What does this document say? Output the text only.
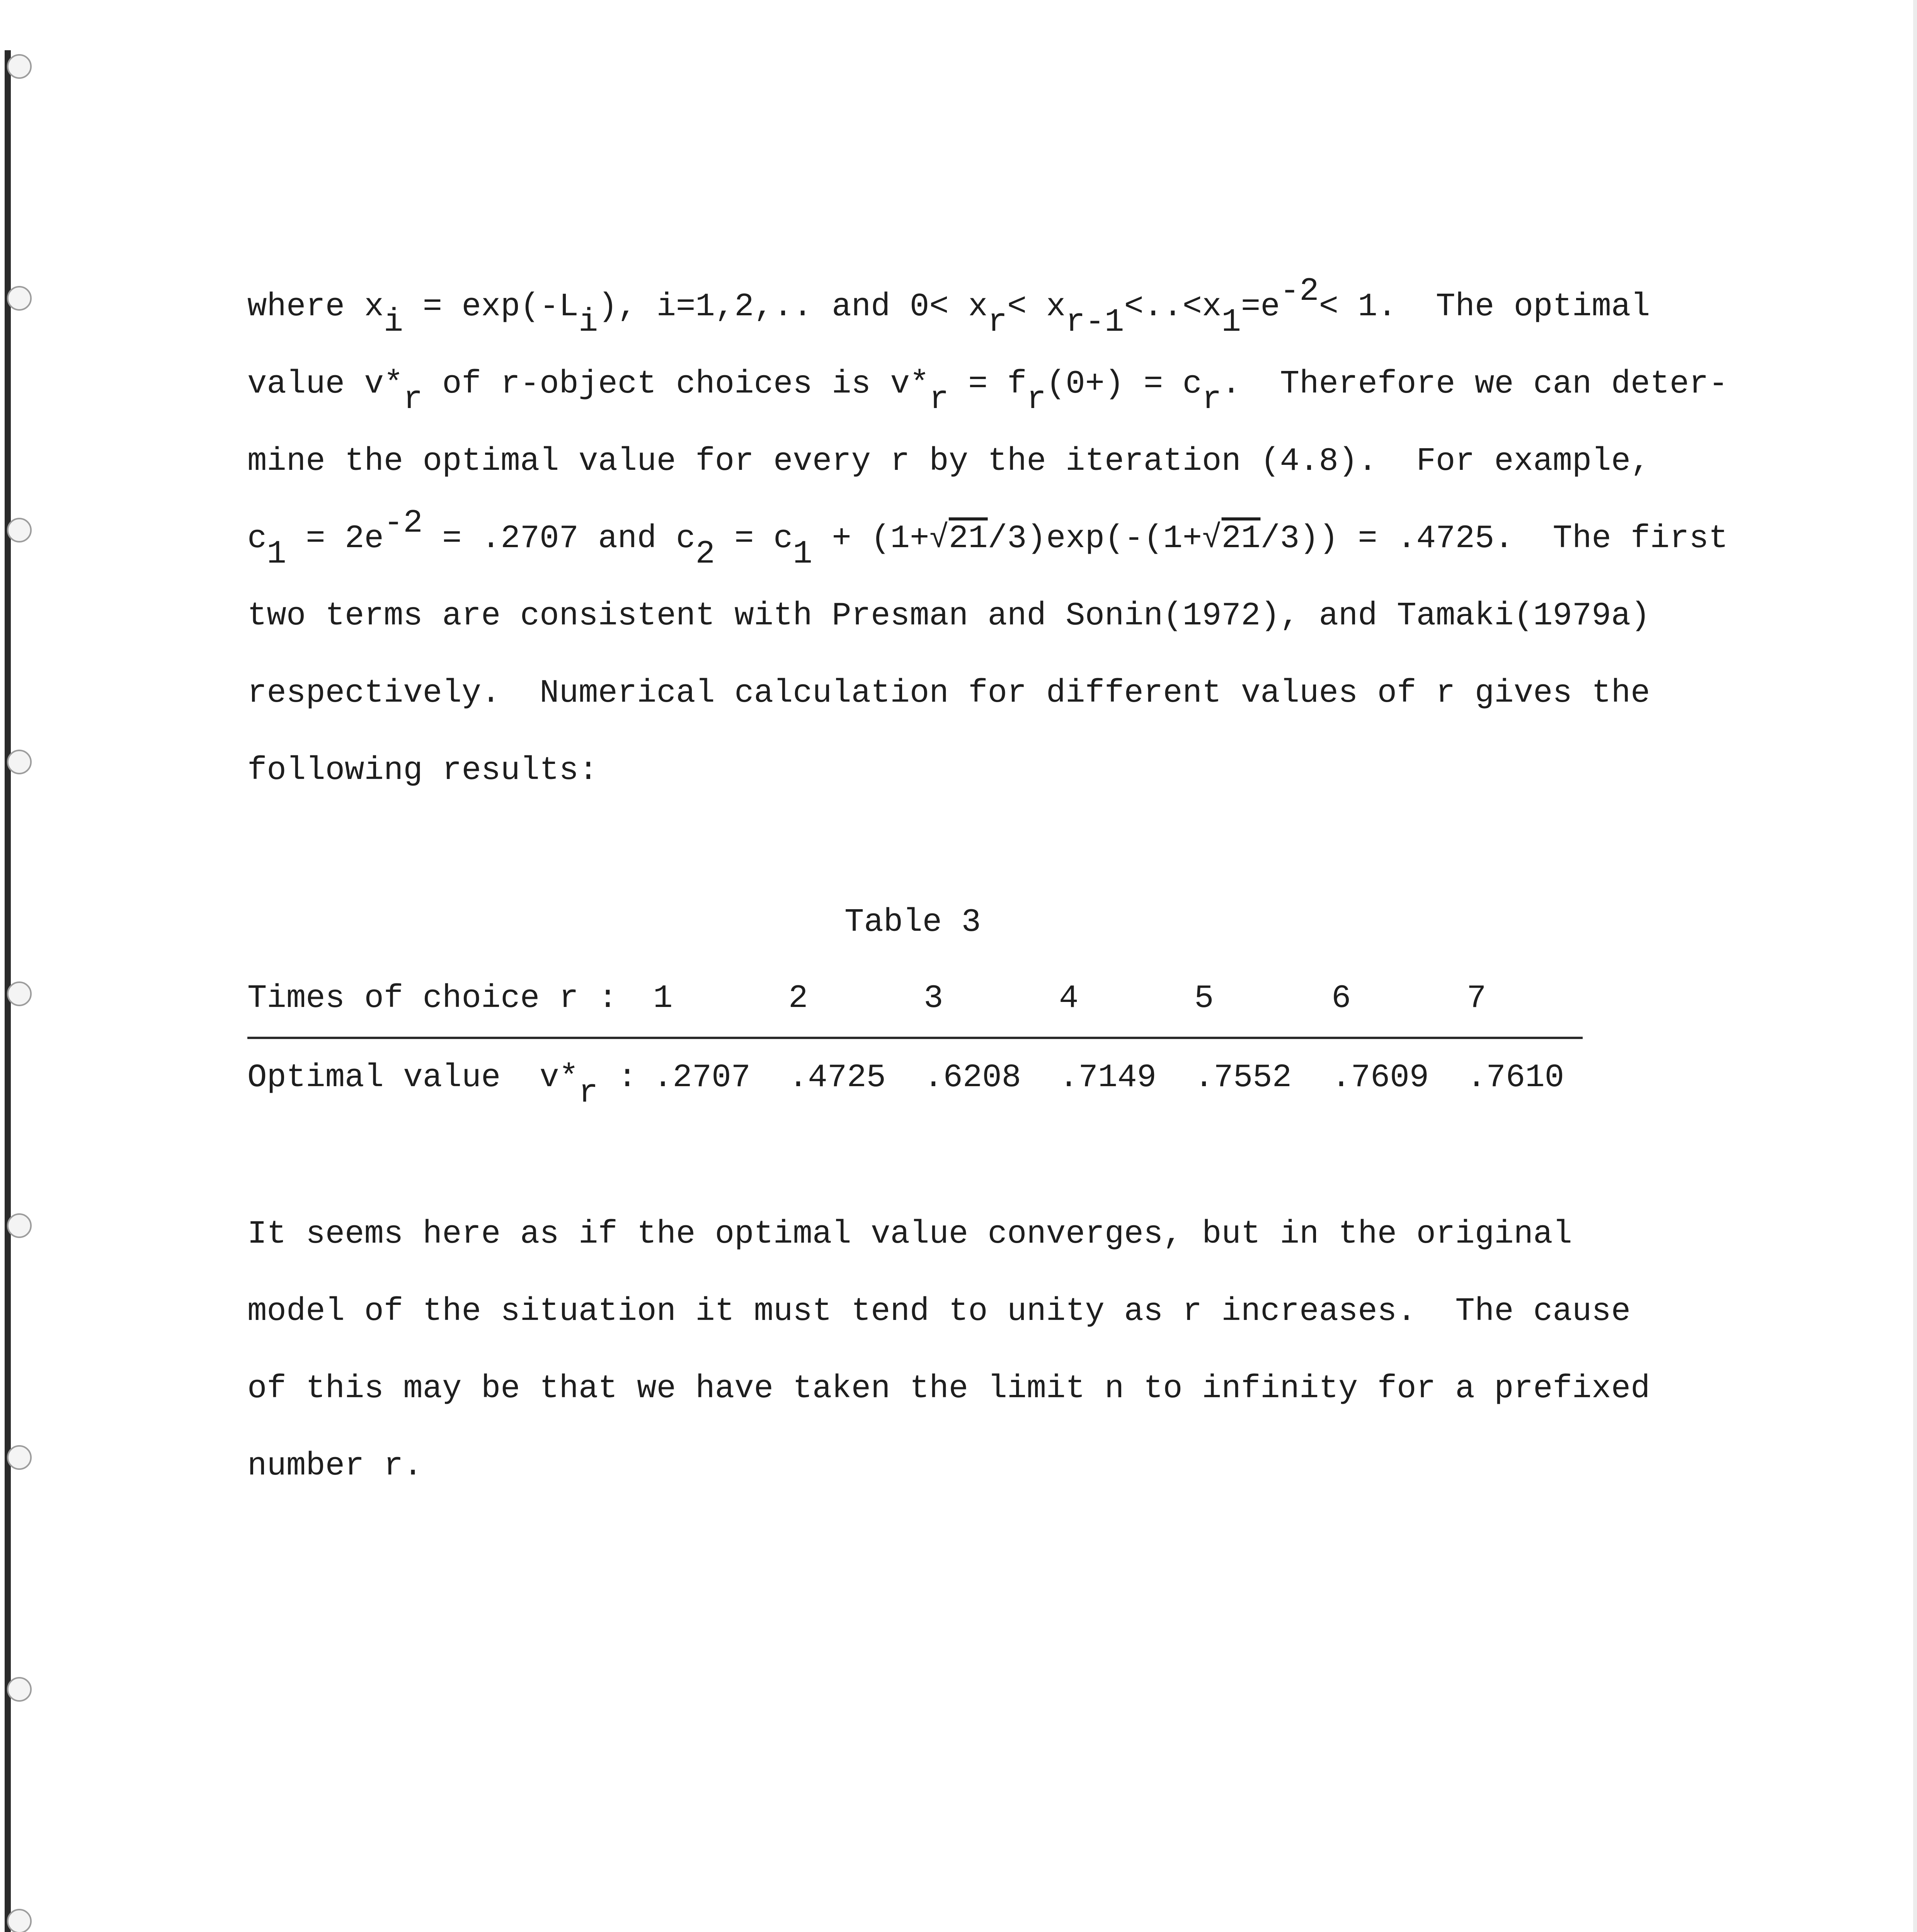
where xi = exp(-Li), i=1,2,.. and 0< xr< xr-1<..<x1=e-2< 1.  The optimal
value v*r of r-object choices is v*r = fr(0+) = cr.  Therefore we can deter-
mine the optimal value for every r by the iteration (4.8).  For example,
c1 = 2e-2 = .2707 and c2 = c1 + (1+√21/3)exp(-(1+√21/3)) = .4725.  The first
two terms are consistent with Presman and Sonin(1972), and Tamaki(1979a)
respectively.  Numerical calculation for different values of r gives the
following results:
Table 3
Times of choice r : 1	2	3	4	5	6	7
Optimal value  v*r : .2707 .4725 .6208 .7149 .7552 .7609 .7610
It seems here as if the optimal value converges, but in the original
model of the situation it must tend to unity as r increases.  The cause
of this may be that we have taken the limit n to infinity for a prefixed
number r.
